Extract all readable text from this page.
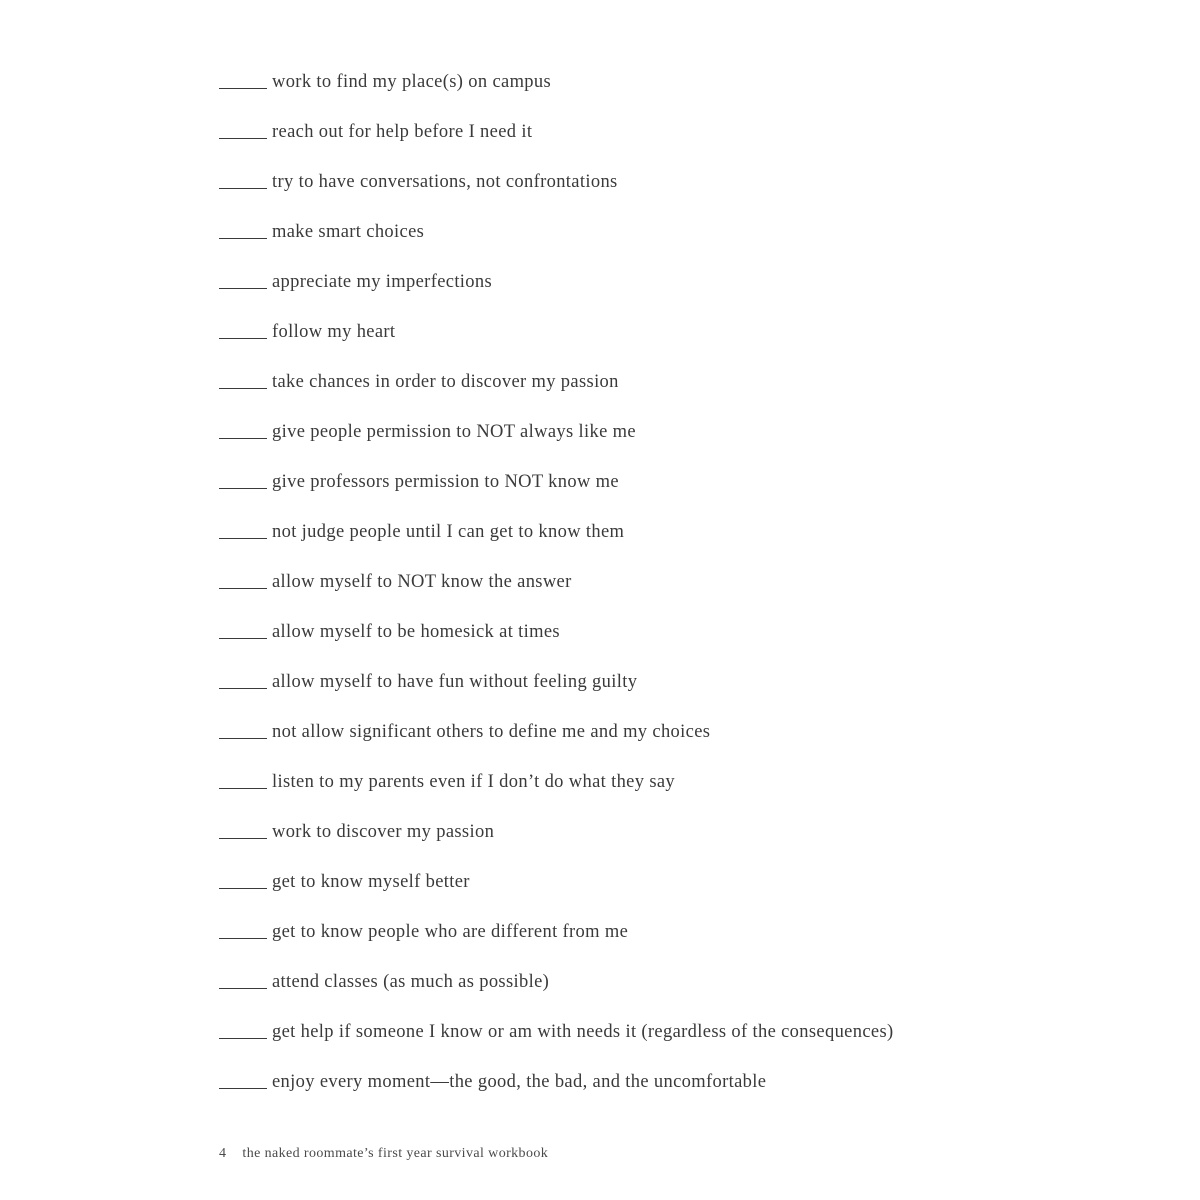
work to find my place(s) on campus
reach out for help before I need it
try to have conversations, not confrontations
make smart choices
appreciate my imperfections
follow my heart
take chances in order to discover my passion
give people permission to NOT always like me
give professors permission to NOT know me
not judge people until I can get to know them
allow myself to NOT know the answer
allow myself to be homesick at times
allow myself to have fun without feeling guilty
not allow significant others to define me and my choices
listen to my parents even if I don’t do what they say
work to discover my passion
get to know myself better
get to know people who are different from me
attend classes (as much as possible)
get help if someone I know or am with needs it (regardless of the consequences)
enjoy every moment—the good, the bad, and the uncomfortable
4 the naked roommate’s first year survival workbook
